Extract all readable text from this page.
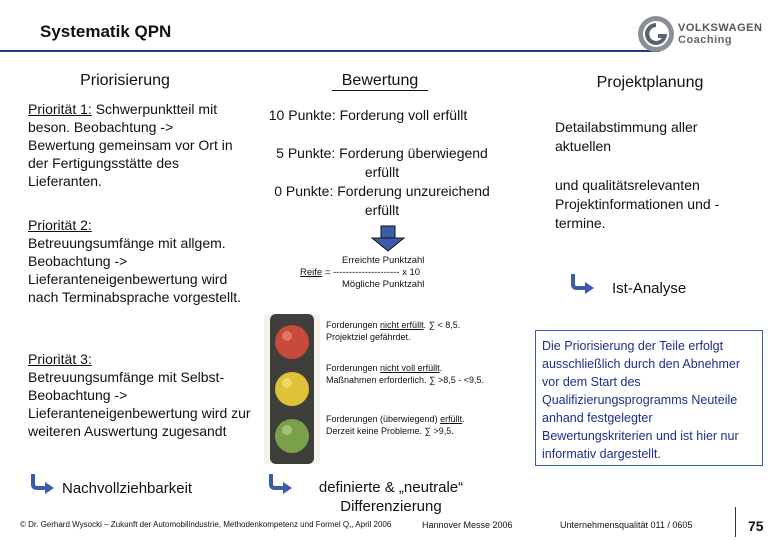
Systematik QPN	VOLKSWAGEN
Coaching
Priorisierung	Bewertung	Projektplanung
Priorität 1: Schwerpunktteil mit beson. Beobachtung ->
Bewertung gemeinsam vor Ort in der Fertigungsstätte des Lieferanten.
Priorität 2:
Betreuungsumfänge mit allgem. Beobachtung ->
Lieferanteneigenbewertung wird nach Terminabsprache vorgestellt.
Priorität 3:
Betreuungsumfänge mit Selbst-Beobachtung ->
Lieferanteneigenbewertung wird zur weiteren Auswertung zugesandt
Nachvollziehbarkeit
10 Punkte: Forderung voll erfüllt
5 Punkte: Forderung überwiegend erfüllt
0 Punkte: Forderung unzureichend erfüllt
Erreichte Punktzahl
Reife = --------------------- x 10
Mögliche Punktzahl
Forderungen nicht erfüllt. ∑ < 8,5.
Projektziel gefährdet.
Forderungen nicht voll erfüllt.
Maßnahmen erforderlich. ∑ >8,5 - <9,5.
Forderungen (überwiegend) erfüllt.
Derzeit keine Probleme. ∑ >9,5.
definierte & „neutrale“ Differenzierung
Detailabstimmung aller aktuellen
und qualitätsrelevanten Projektinformationen und -termine.
Ist-Analyse
Die Priorisierung der Teile erfolgt ausschließlich durch den Abnehmer vor dem Start des Qualifizierungsprogramms Neuteile anhand festgelegter Bewertungskriterien und ist hier nur informativ dargestellt.
© Dr. Gerhard Wysocki – Zukunft der Automobilindustrie, Methodenkompetenz und Formel Q,, April 2006	Hannover Messe 2006	Unternehmensqualität 011 / 0605	75
